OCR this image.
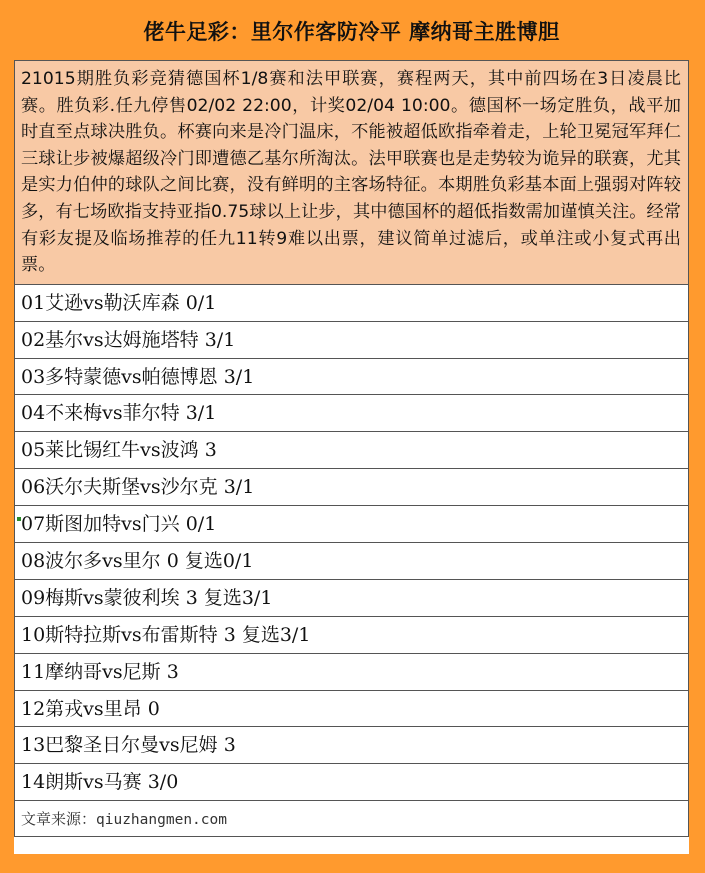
佬牛足彩：里尔作客防冷平 摩纳哥主胜博胆
21015期胜负彩竞猜德国杯1/8赛和法甲联赛，赛程两天，其中前四场在3日凌晨比赛。胜负彩.任九停售02/02 22:00，计奖02/04 10:00。德国杯一场定胜负，战平加时直至点球决胜负。杯赛向来是冷门温床，不能被超低欧指牵着走，上轮卫冕冠军拜仁三球让步被爆超级冷门即遭德乙基尔所淘汰。法甲联赛也是走势较为诡异的联赛，尤其是实力伯仲的球队之间比赛，没有鲜明的主客场特征。本期胜负彩基本面上强弱对阵较多，有七场欧指支持亚指0.75球以上让步，其中德国杯的超低指数需加谨慎关注。经常有彩友提及临场推荐的任九11转9难以出票，建议简单过滤后，或单注或小复式再出票。
01艾逊vs勒沃库森 0/1
02基尔vs达姆施塔特 3/1
03多特蒙德vs帕德博恩 3/1
04不来梅vs菲尔特 3/1
05莱比锡红牛vs波鸿 3
06沃尔夫斯堡vs沙尔克 3/1
07斯图加特vs门兴 0/1
08波尔多vs里尔 0 复选0/1
09梅斯vs蒙彼利埃 3 复选3/1
10斯特拉斯vs布雷斯特 3 复选3/1
11摩纳哥vs尼斯 3
12第戎vs里昂 0
13巴黎圣日尔曼vs尼姆 3
14朗斯vs马赛 3/0
文章来源：qiuzhangmen.com
